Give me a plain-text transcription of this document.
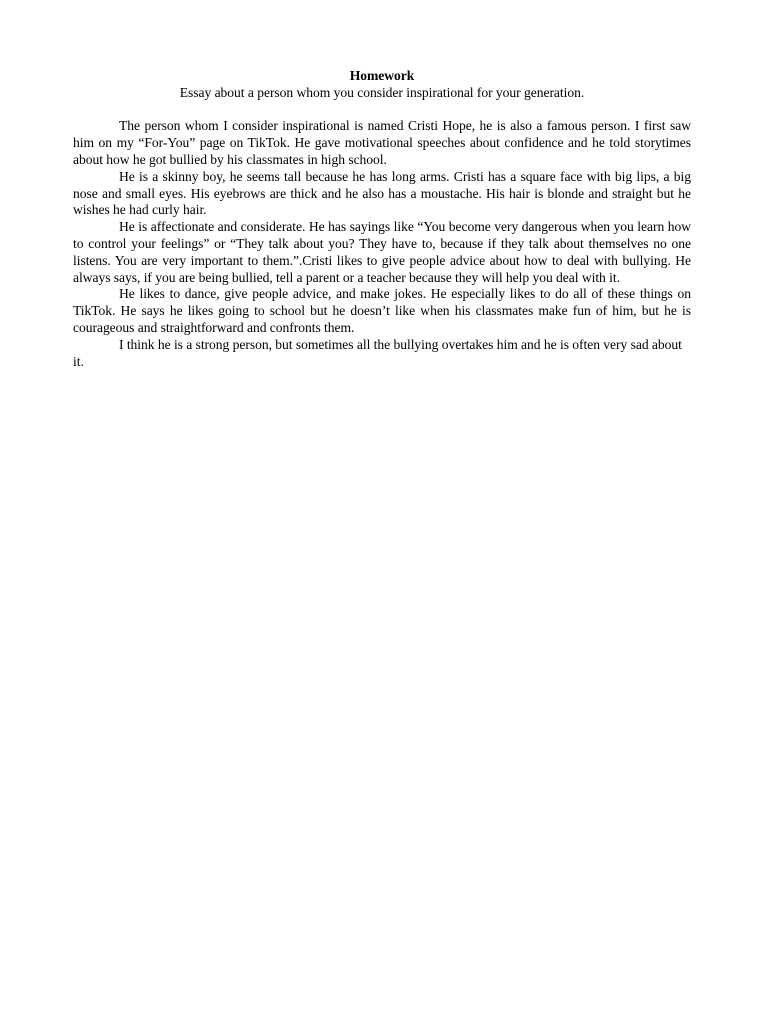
Homework

Essay about a person whom you consider inspirational for your generation.

The person whom I consider inspirational is named Cristi Hope, he is also a famous person. I first saw him on my “For-You” page on TikTok. He gave motivational speeches about confidence and he told storytimes about how he got bullied by his classmates in high school.

He is a skinny boy, he seems tall because he has long arms. Cristi has a square face with big lips, a big nose and small eyes. His eyebrows are thick and he also has a moustache. His hair is blonde and straight but he wishes he had curly hair.

He is affectionate and considerate. He has sayings like “You become very dangerous when you learn how to control your feelings” or “They talk about you? They have to, because if they talk about themselves no one listens. You are very important to them.”.Cristi likes to give people advice about how to deal with bullying. He always says, if you are being bullied, tell a parent or a teacher because they will help you deal with it.

He likes to dance, give people advice, and make jokes. He especially likes to do all of these things on TikTok. He says he likes going to school but he doesn’t like when his classmates make fun of him, but he is courageous and straightforward and confronts them.

I think he is a strong person, but sometimes all the bullying overtakes him and he is often very sad about it.
